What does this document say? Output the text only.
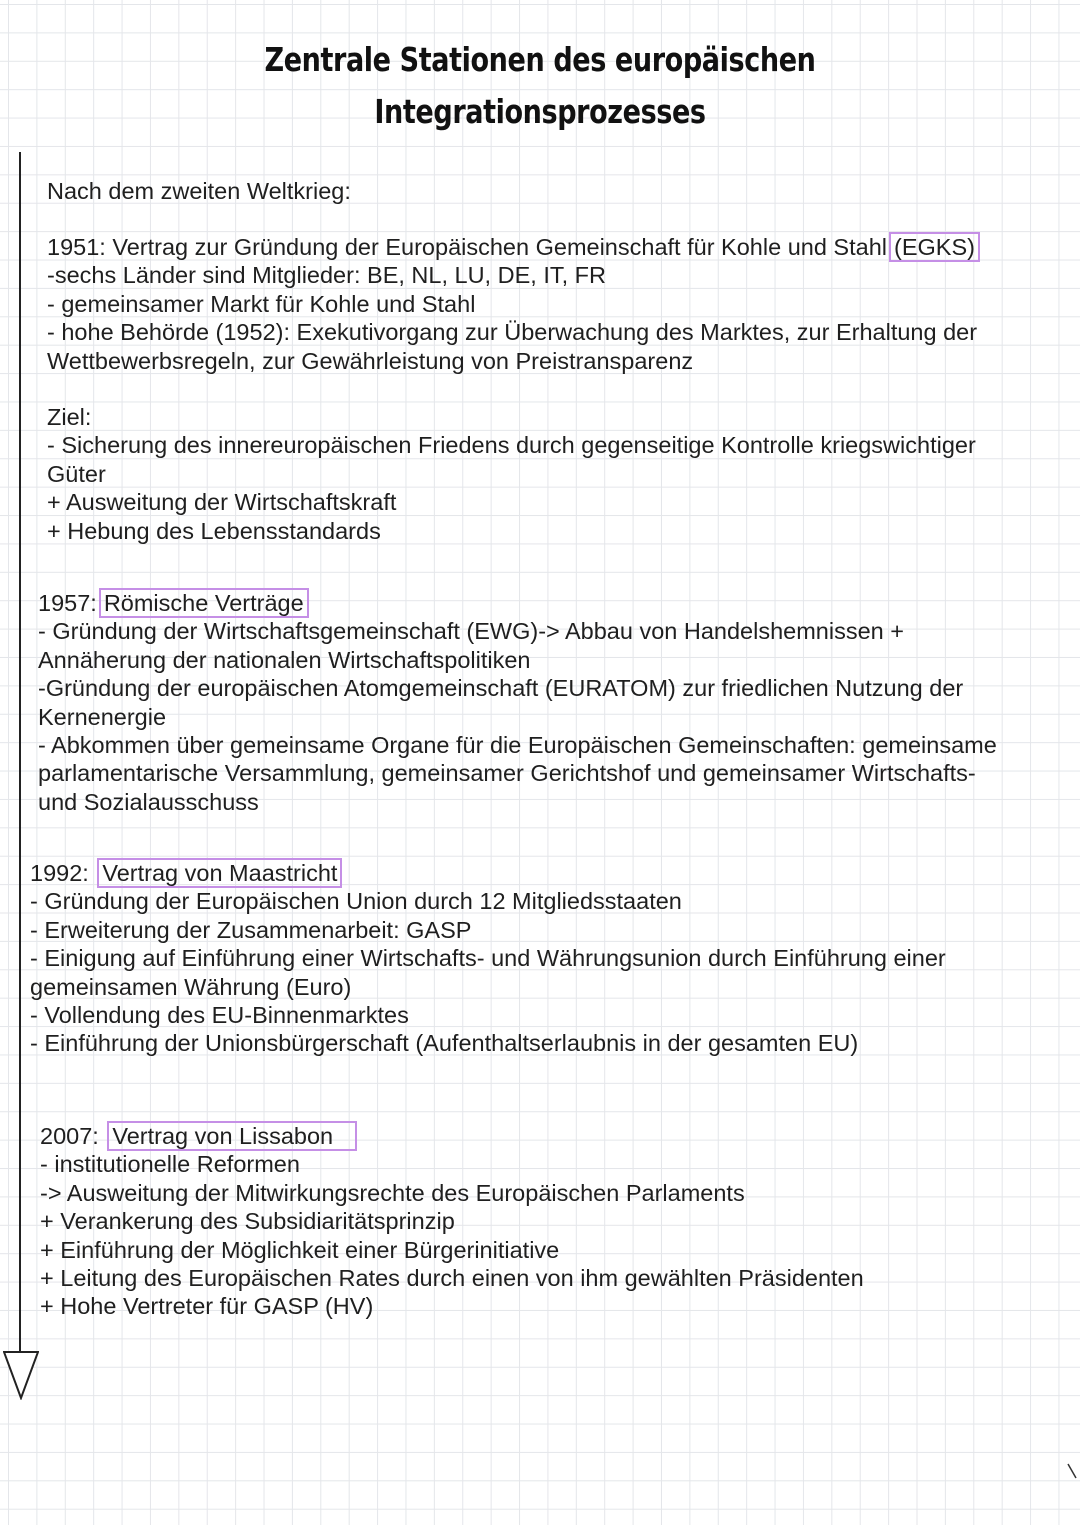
Zentrale Stationen des europäischen
Integrationsprozesses
Nach dem zweiten Weltkrieg:
1951: Vertrag zur Gründung der Europäischen Gemeinschaft für Kohle und Stahl (EGKS)
-sechs Länder sind Mitglieder: BE, NL, LU, DE, IT, FR
- gemeinsamer Markt für Kohle und Stahl
- hohe Behörde (1952): Exekutivorgang zur Überwachung des Marktes, zur Erhaltung der
Wettbewerbsregeln, zur Gewährleistung von Preistransparenz
Ziel:
- Sicherung des innereuropäischen Friedens durch gegenseitige Kontrolle kriegswichtiger
Güter
+ Ausweitung der Wirtschaftskraft
+ Hebung des Lebensstandards
1957: Römische Verträge
- Gründung der Wirtschaftsgemeinschaft (EWG)-> Abbau von Handelshemnissen +
Annäherung der nationalen Wirtschaftspolitiken
-Gründung der europäischen Atomgemeinschaft (EURATOM) zur friedlichen Nutzung der
Kernenergie
- Abkommen über gemeinsame Organe für die Europäischen Gemeinschaften: gemeinsame
parlamentarische Versammlung, gemeinsamer Gerichtshof und gemeinsamer Wirtschafts-
und Sozialausschuss
1992: Vertrag von Maastricht
- Gründung der Europäischen Union durch 12 Mitgliedsstaaten
- Erweiterung der Zusammenarbeit: GASP
- Einigung auf Einführung einer Wirtschafts- und Währungsunion durch Einführung einer
gemeinsamen Währung (Euro)
- Vollendung des EU-Binnenmarktes
- Einführung der Unionsbürgerschaft (Aufenthaltserlaubnis in der gesamten EU)
2007: Vertrag von Lissabon
- institutionelle Reformen
-> Ausweitung der Mitwirkungsrechte des Europäischen Parlaments
+ Verankerung des Subsidiaritätsprinzip
+ Einführung der Möglichkeit einer Bürgerinitiative
+ Leitung des Europäischen Rates durch einen von ihm gewählten Präsidenten
+ Hohe Vertreter für GASP (HV)
